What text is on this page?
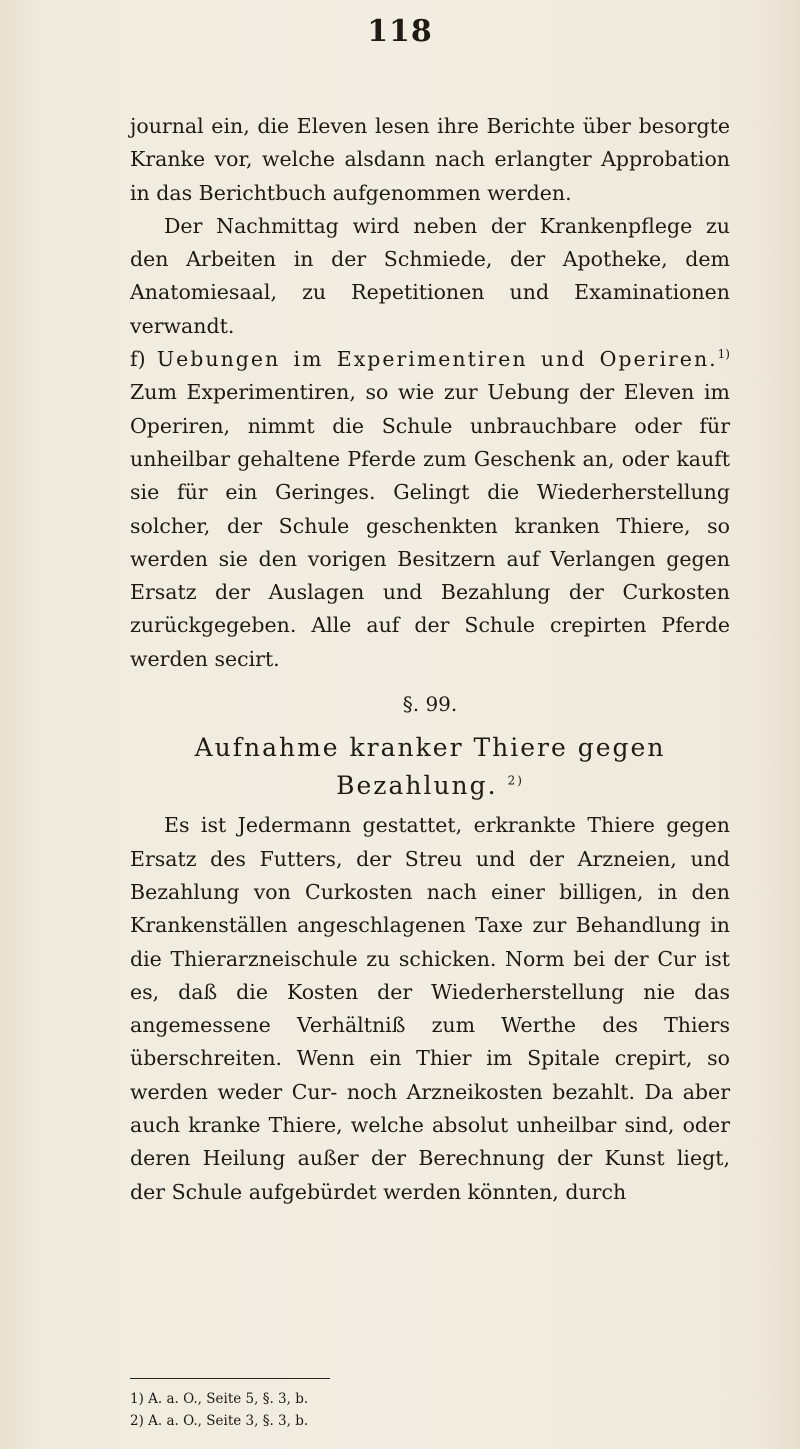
118

journal ein, die Eleven lesen ihre Berichte über besorgte Kranke vor, welche alsdann nach erlangter Approbation in das Berichtbuch aufgenommen werden.

Der Nachmittag wird neben der Krankenpflege zu den Arbeiten in der Schmiede, der Apotheke, dem Anatomiesaal, zu Repetitionen und Examinationen verwandt.

f) Uebungen im Experimentiren und Operiren.$^{1)}$ Zum Experimentiren, so wie zur Uebung der Eleven im Operiren, nimmt die Schule unbrauchbare oder für unheilbar gehaltene Pferde zum Geschenk an, oder kauft sie für ein Geringes. Gelingt die Wiederherstellung solcher, der Schule geschenkten kranken Thiere, so werden sie den vorigen Besitzern auf Verlangen gegen Ersatz der Auslagen und Bezahlung der Curkosten zurückgegeben. Alle auf der Schule crepirten Pferde werden secirt.

§. 99.
Aufnahme kranker Thiere gegen Bezahlung. $^{2)}$

Es ist Jedermann gestattet, erkrankte Thiere gegen Ersatz des Futters, der Streu und der Arzneien, und Bezahlung von Curkosten nach einer billigen, in den Krankenställen angeschlagenen Taxe zur Behandlung in die Thierarzneischule zu schicken. Norm bei der Cur ist es, daß die Kosten der Wiederherstellung nie das angemessene Verhältniß zum Werthe des Thiers überschreiten. Wenn ein Thier im Spitale crepirt, so werden weder Cur- noch Arzneikosten bezahlt. Da aber auch kranke Thiere, welche absolut unheilbar sind, oder deren Heilung außer der Berechnung der Kunst liegt, der Schule aufgebürdet werden könnten, durch

1) A. a. O., Seite 5, §. 3, b.
2) A. a. O., Seite 3, §. 3, b.
